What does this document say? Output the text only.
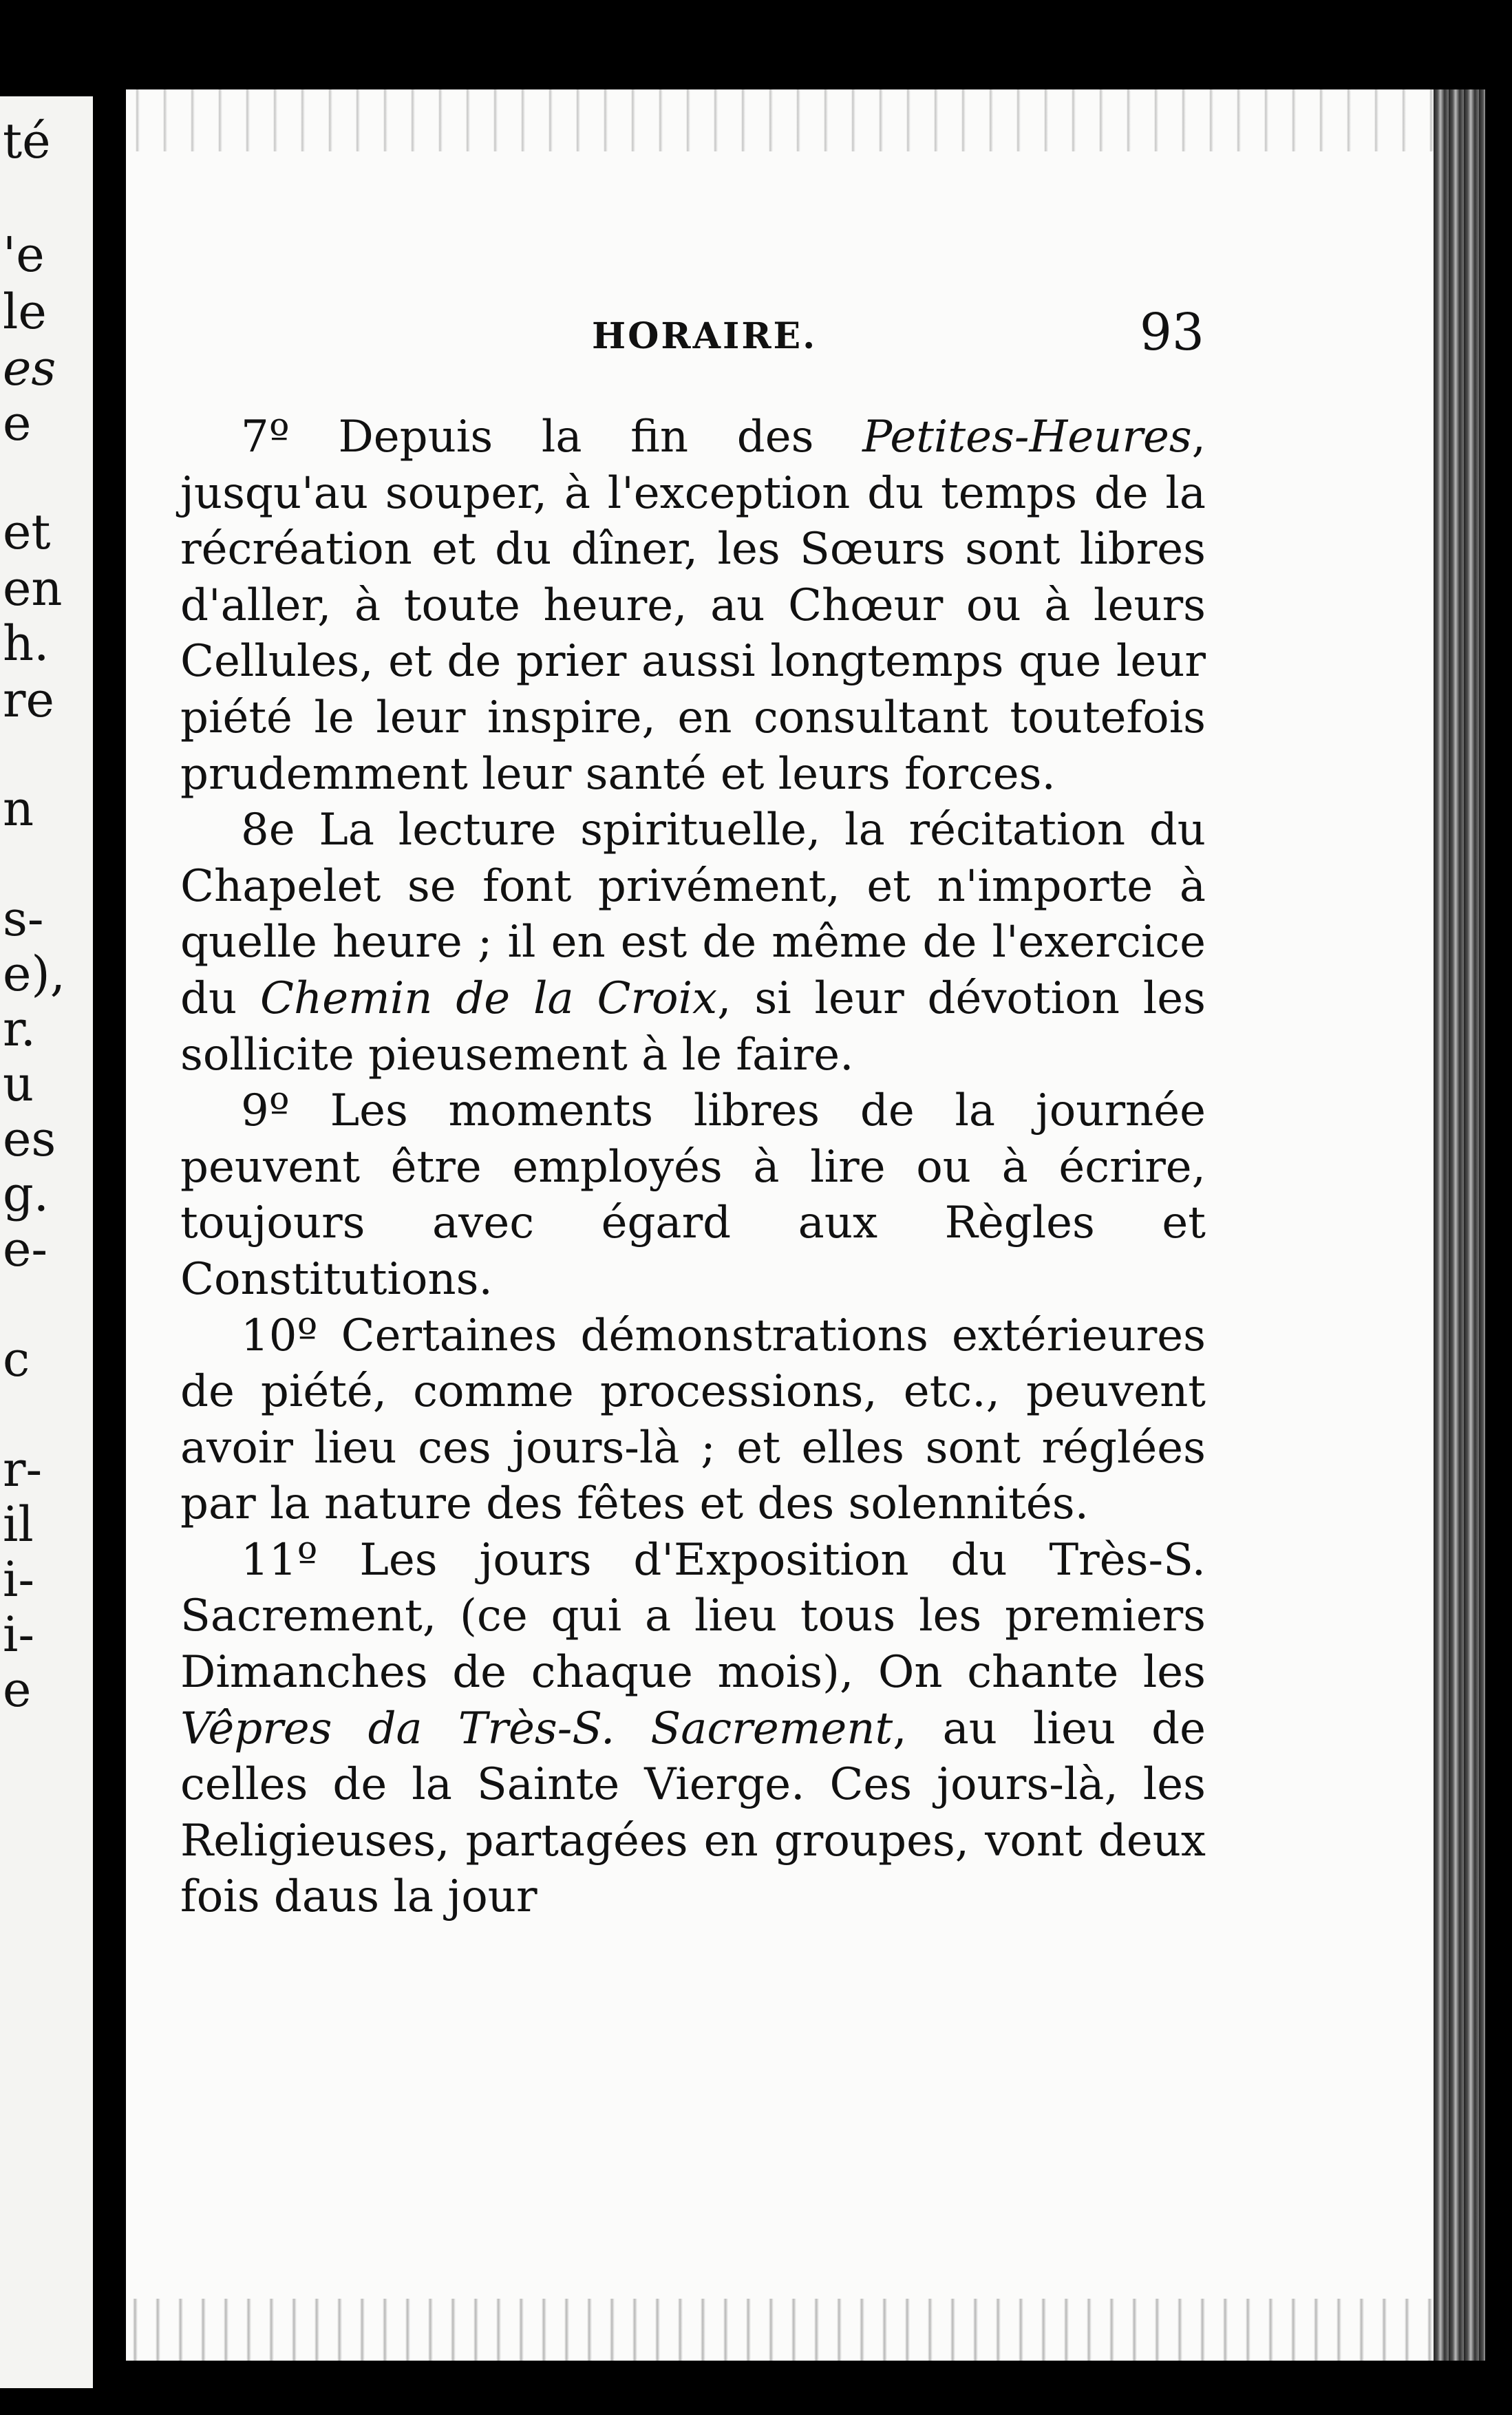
té
'e
le
es
e
et
en
h.
re
n
s-
e),
r.
u
es
g.
e-
c
r-
il
i-
i-
e
HORAIRE.	93

7º Depuis la fin des Petites-Heures, jusqu'au souper, à l'exception du temps de la récréation et du dîner, les Sœurs sont libres d'aller, à toute heure, au Chœur ou à leurs Cellules, et de prier aussi longtemps que leur piété le leur inspire, en consultant toutefois prudemment leur santé et leurs forces.

8e La lecture spirituelle, la récitation du Chapelet se font privément, et n'importe à quelle heure ; il en est de même de l'exercice du Chemin de la Croix, si leur dévotion les sollicite pieusement à le faire.

9º Les moments libres de la journée peuvent être employés à lire ou à écrire, toujours avec égard aux Règles et Constitutions.

10º Certaines démonstrations extérieures de piété, comme processions, etc., peuvent avoir lieu ces jours-là ; et elles sont réglées par la nature des fêtes et des solennités.

11º Les jours d'Exposition du Très-S. Sacrement, (ce qui a lieu tous les premiers Dimanches de chaque mois), On chante les Vêpres da Très-S. Sacrement, au lieu de celles de la Sainte Vierge. Ces jours-là, les Religieuses, partagées en groupes, vont deux fois daus la jour
